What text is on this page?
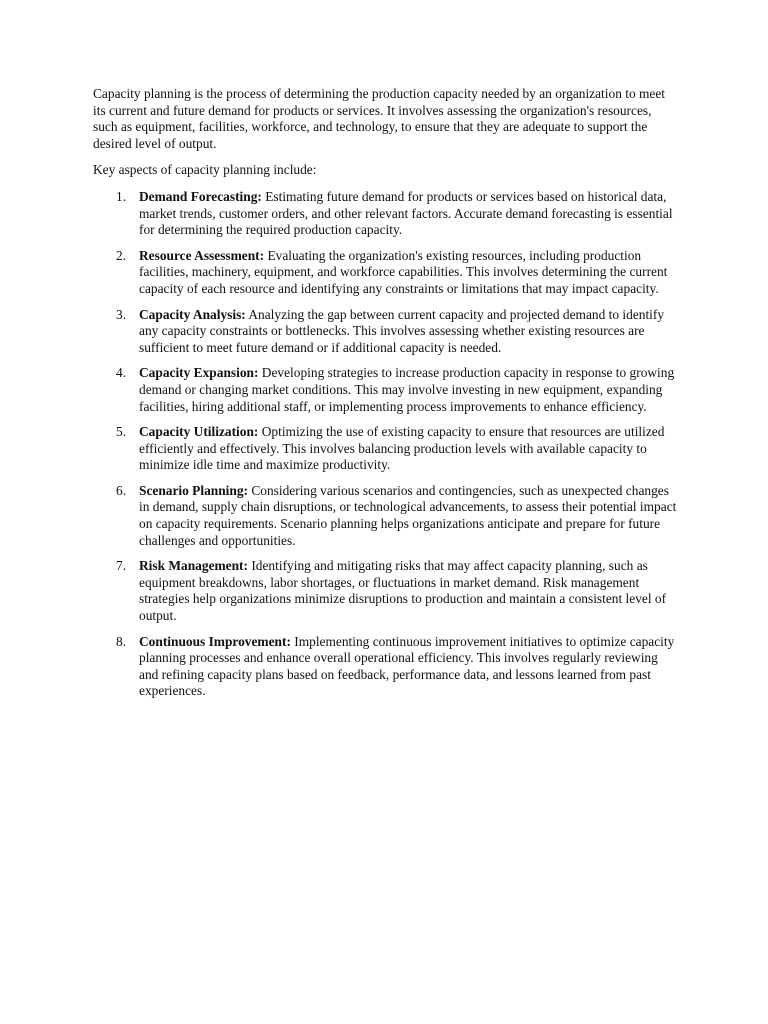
Capacity planning is the process of determining the production capacity needed by an organization to meet its current and future demand for products or services. It involves assessing the organization's resources, such as equipment, facilities, workforce, and technology, to ensure that they are adequate to support the desired level of output.

Key aspects of capacity planning include:

1. Demand Forecasting: Estimating future demand for products or services based on historical data, market trends, customer orders, and other relevant factors. Accurate demand forecasting is essential for determining the required production capacity.
2. Resource Assessment: Evaluating the organization's existing resources, including production facilities, machinery, equipment, and workforce capabilities. This involves determining the current capacity of each resource and identifying any constraints or limitations that may impact capacity.
3. Capacity Analysis: Analyzing the gap between current capacity and projected demand to identify any capacity constraints or bottlenecks. This involves assessing whether existing resources are sufficient to meet future demand or if additional capacity is needed.
4. Capacity Expansion: Developing strategies to increase production capacity in response to growing demand or changing market conditions. This may involve investing in new equipment, expanding facilities, hiring additional staff, or implementing process improvements to enhance efficiency.
5. Capacity Utilization: Optimizing the use of existing capacity to ensure that resources are utilized efficiently and effectively. This involves balancing production levels with available capacity to minimize idle time and maximize productivity.
6. Scenario Planning: Considering various scenarios and contingencies, such as unexpected changes in demand, supply chain disruptions, or technological advancements, to assess their potential impact on capacity requirements. Scenario planning helps organizations anticipate and prepare for future challenges and opportunities.
7. Risk Management: Identifying and mitigating risks that may affect capacity planning, such as equipment breakdowns, labor shortages, or fluctuations in market demand. Risk management strategies help organizations minimize disruptions to production and maintain a consistent level of output.
8. Continuous Improvement: Implementing continuous improvement initiatives to optimize capacity planning processes and enhance overall operational efficiency. This involves regularly reviewing and refining capacity plans based on feedback, performance data, and lessons learned from past experiences.
